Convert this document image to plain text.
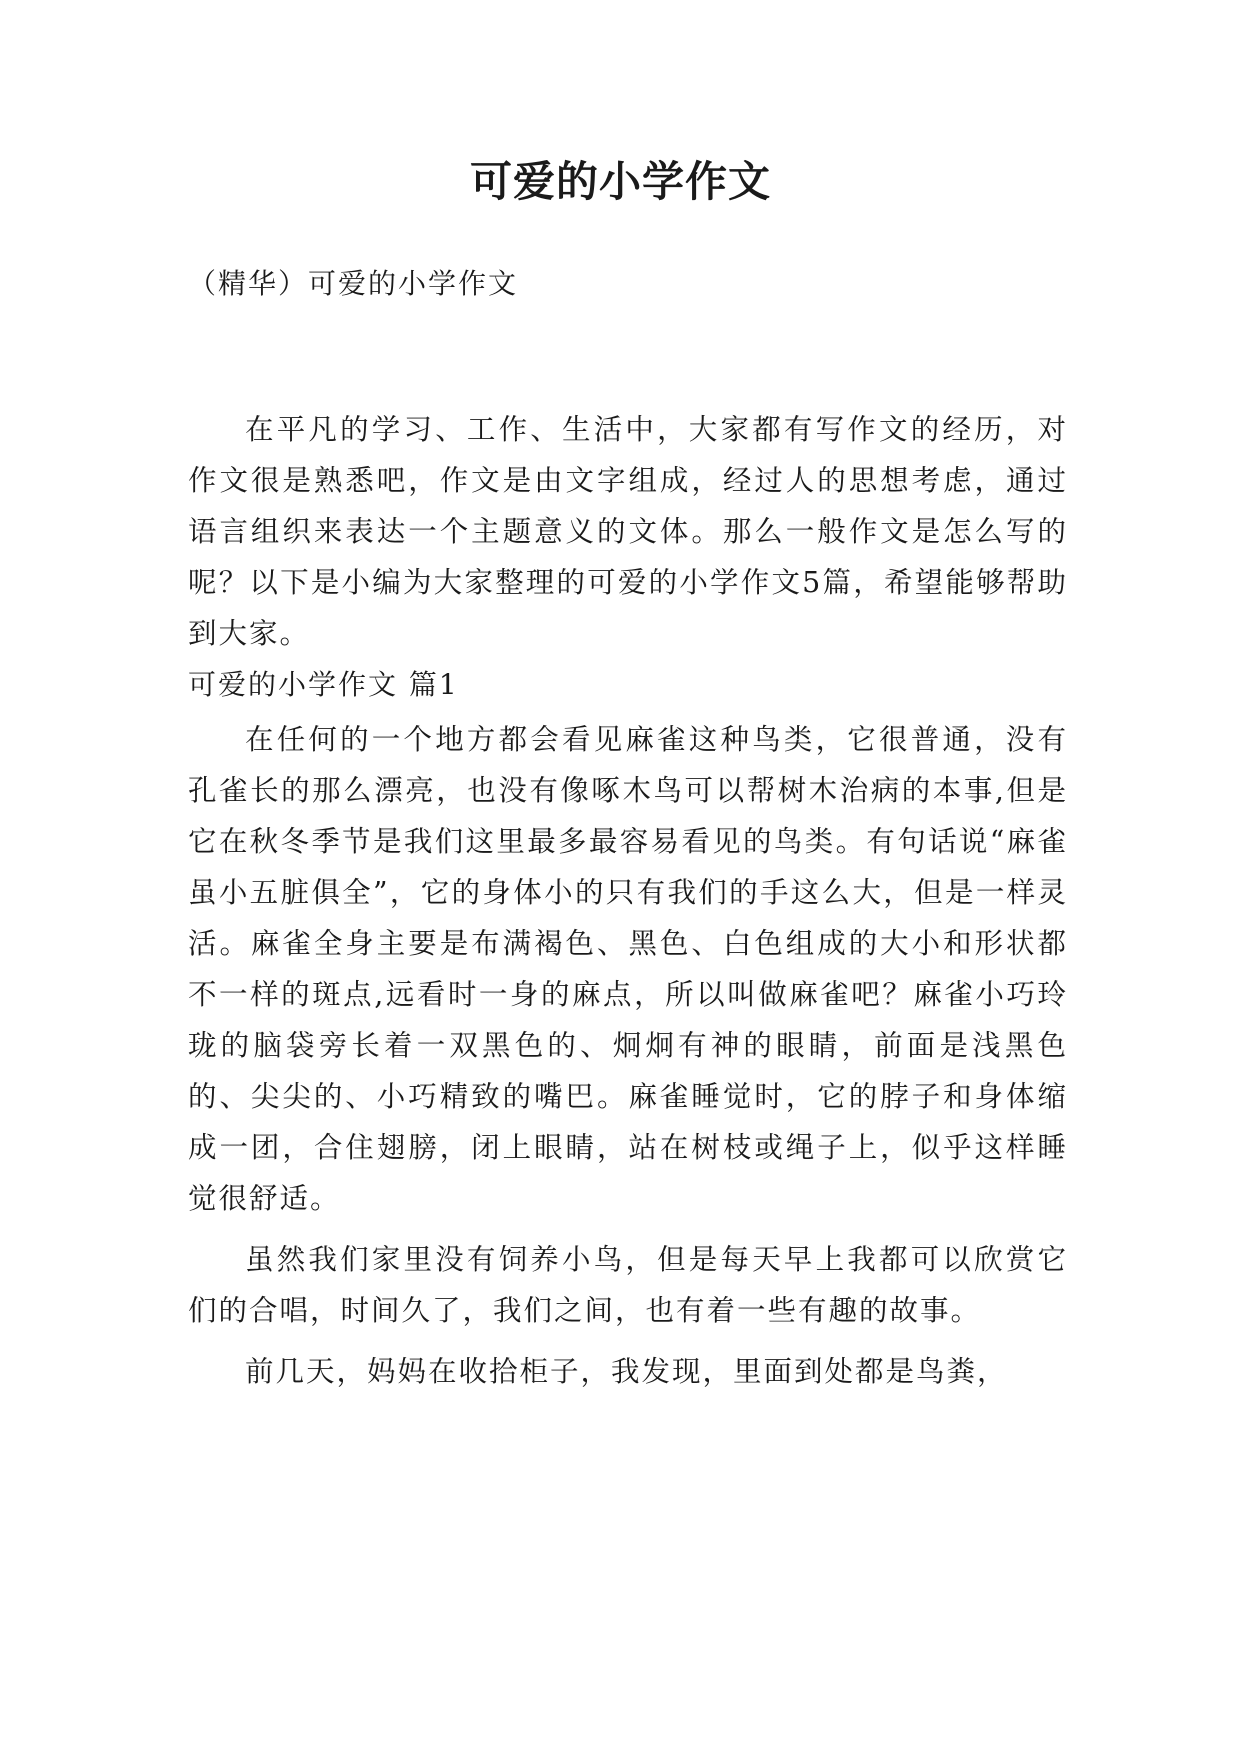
可爱的小学作文

（精华）可爱的小学作文

在平凡的学习、工作、生活中，大家都有写作文的经历，对作文很是熟悉吧，作文是由文字组成，经过人的思想考虑，通过语言组织来表达一个主题意义的文体。那么一般作文是怎么写的呢？以下是小编为大家整理的可爱的小学作文5篇，希望能够帮助到大家。

可爱的小学作文 篇1

在任何的一个地方都会看见麻雀这种鸟类，它很普通，没有孔雀长的那么漂亮，也没有像啄木鸟可以帮树木治病的本事,但是它在秋冬季节是我们这里最多最容易看见的鸟类。有句话说“麻雀虽小五脏俱全”，它的身体小的只有我们的手这么大，但是一样灵活。麻雀全身主要是布满褐色、黑色、白色组成的大小和形状都不一样的斑点,远看时一身的麻点，所以叫做麻雀吧？麻雀小巧玲珑的脑袋旁长着一双黑色的、炯炯有神的眼睛，前面是浅黑色的、尖尖的、小巧精致的嘴巴。麻雀睡觉时，它的脖子和身体缩成一团，合住翅膀，闭上眼睛，站在树枝或绳子上，似乎这样睡觉很舒适。

虽然我们家里没有饲养小鸟，但是每天早上我都可以欣赏它们的合唱，时间久了，我们之间，也有着一些有趣的故事。

前几天，妈妈在收拾柜子，我发现，里面到处都是鸟粪，
